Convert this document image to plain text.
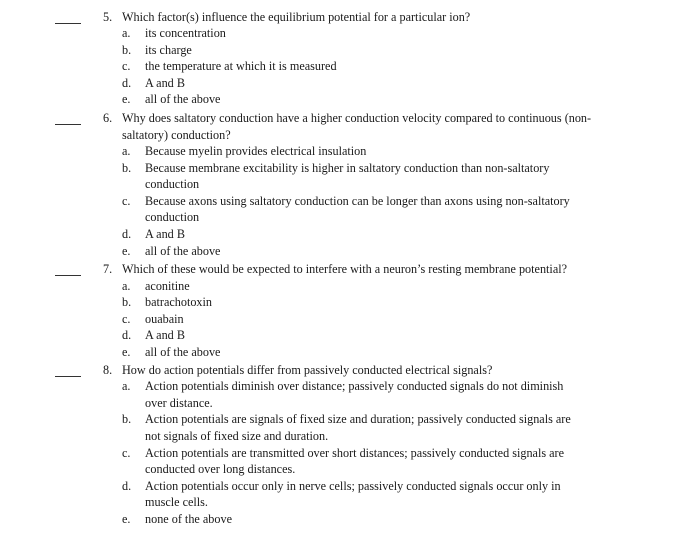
5. Which factor(s) influence the equilibrium potential for a particular ion?
a. its concentration
b. its charge
c. the temperature at which it is measured
d. A and B
e. all of the above
6. Why does saltatory conduction have a higher conduction velocity compared to continuous (non-saltatory) conduction?
a. Because myelin provides electrical insulation
b. Because membrane excitability is higher in saltatory conduction than non-saltatory conduction
c. Because axons using saltatory conduction can be longer than axons using non-saltatory conduction
d. A and B
e. all of the above
7. Which of these would be expected to interfere with a neuron’s resting membrane potential?
a. aconitine
b. batrachotoxin
c. ouabain
d. A and B
e. all of the above
8. How do action potentials differ from passively conducted electrical signals?
a. Action potentials diminish over distance; passively conducted signals do not diminish over distance.
b. Action potentials are signals of fixed size and duration; passively conducted signals are not signals of fixed size and duration.
c. Action potentials are transmitted over short distances; passively conducted signals are conducted over long distances.
d. Action potentials occur only in nerve cells; passively conducted signals occur only in muscle cells.
e. none of the above
